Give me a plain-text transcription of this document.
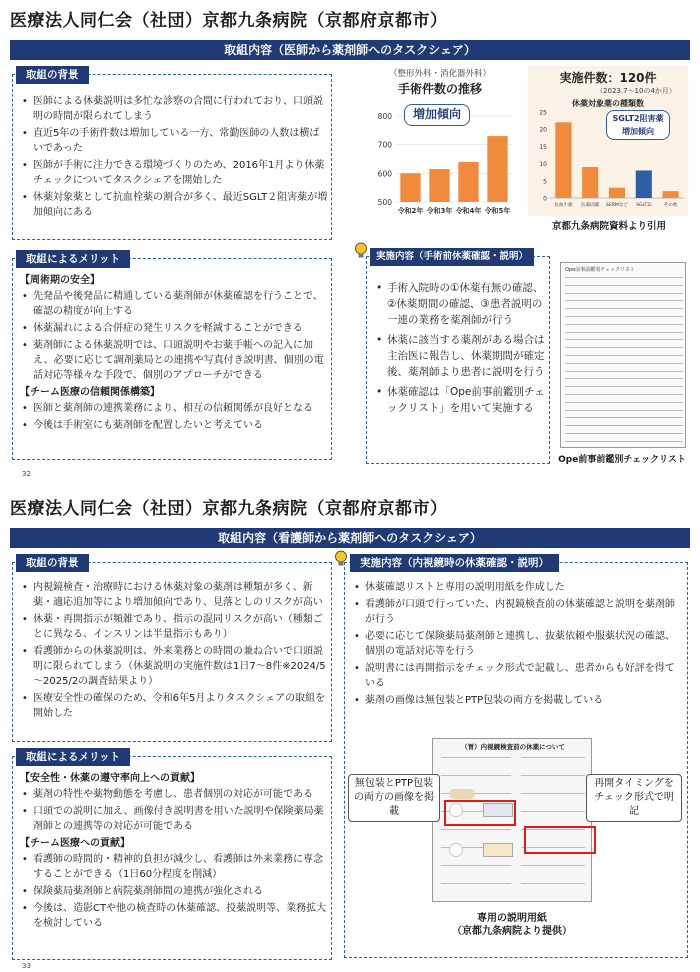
医療法人同仁会（社団）京都九条病院（京都府京都市）
取組内容（医師から薬剤師へのタスクシェア）
取組の背景
• 医師による休薬説明は多忙な診察の合間に行われており、口頭説明の時間が限られてしまう
• 直近5年の手術件数は増加している一方、常勤医師の人数は横ばいであった
• 医師が手術に注力できる環境づくりのため、2016年1月より休薬チェックについてタスクシェアを開始した
• 休薬対象薬として抗血栓薬の割合が多く、最近SGLT２阻害薬が増加傾向にある
取組によるメリット
【周術期の安全】
• 先発品や後発品に精通している薬剤師が休薬確認を行うことで、確認の精度が向上する
• 休薬漏れによる合併症の発生リスクを軽減することができる
• 薬剤師による休薬説明では、口頭説明やお薬手帳への記入に加え、必要に応じて調剤薬局との連携や写真付き説明書、個別の電話対応等様々な手段で、個別のアプローチができる
【チーム医療の信頼関係構築】
• 医師と薬剤師の連携業務により、相互の信頼関係が良好となる
• 今後は手術室にも薬剤師を配置したいと考えている
32
（整形外科・消化器外科）
手術件数の推移
500
600
700
800
令和2年 令和3年 令和4年 令和5年
増加傾向
実施件数：120件
（2023.7～10の4か月）
休薬対象薬の種類数
0
5
10
15
20
25
抗血小板 抗凝固薬 SERMなど SGLT2i	その他
SGLT2阻害薬
増加傾向
京都九条病院資料より引用
実施内容（手術前休薬確認・説明）
• 手術入院時の①休薬有無の確認、②休薬期間の確認、③患者説明の一連の業務を薬剤師が行う
• 休薬に該当する薬剤がある場合は主治医に報告し、休薬期間が確定後、薬剤師より患者に説明を行う
• 休薬確認は「Ope前事前鑑別チェックリスト」を用いて実施する
Ope前事前鑑別チェックリスト
Ope前事前鑑別チェックリスト
医療法人同仁会（社団）京都九条病院（京都府京都市）
取組内容（看護師から薬剤師へのタスクシェア）
取組の背景
• 内視鏡検査・治療時における休薬対象の薬剤は種類が多く、新薬・適応追加等により増加傾向であり、見落としのリスクが高い
• 休薬・再開指示が頻雑であり、指示の混同リスクが高い（種類ごとに異なる、インスリンは半量指示もあり）
• 看護師からの休薬説明は、外来業務との時間の兼ね合いで口頭説明に限られてしまう（休薬説明の実施件数は1日7～8件※2024/5～2025/2の調査結果より）
• 医療安全性の確保のため、令和6年5月よりタスクシェアの取組を開始した
取組によるメリット
【安全性・休薬の遵守率向上への貢献】
• 薬剤の特性や薬物動態を考慮し、患者個別の対応が可能である
• 口頭での説明に加え、画像付き説明書を用いた説明や保険薬局薬剤師との連携等の対応が可能である
【チーム医療への貢献】
• 看護師の時間的・精神的負担が減少し、看護師は外来業務に専念することができる（1日60分程度を削減）
• 保険薬局薬剤師と病院薬剤師間の連携が強化される
• 今後は、造影CTや他の検査時の休薬確認、投薬説明等、業務拡大を検討している
33
実施内容（内視鏡時の休薬確認・説明）
• 休薬確認リストと専用の説明用紙を作成した
• 看護師が口頭で行っていた、内視鏡検査前の休薬確認と説明を薬剤師が行う
• 必要に応じて保険薬局薬剤師と連携し、抜薬依頼や服薬状況の確認、個別の電話対応等を行う
• 説明書には再開指示をチェック形式で記載し、患者からも好評を得ている
• 薬剤の画像は無包装とPTP包装の両方を掲載している
（胃）内視鏡検査前の休薬について
無包装とPTP包装の両方の画像を掲載
再開タイミングをチェック形式で明記
専用の説明用紙
（京都九条病院より提供）
